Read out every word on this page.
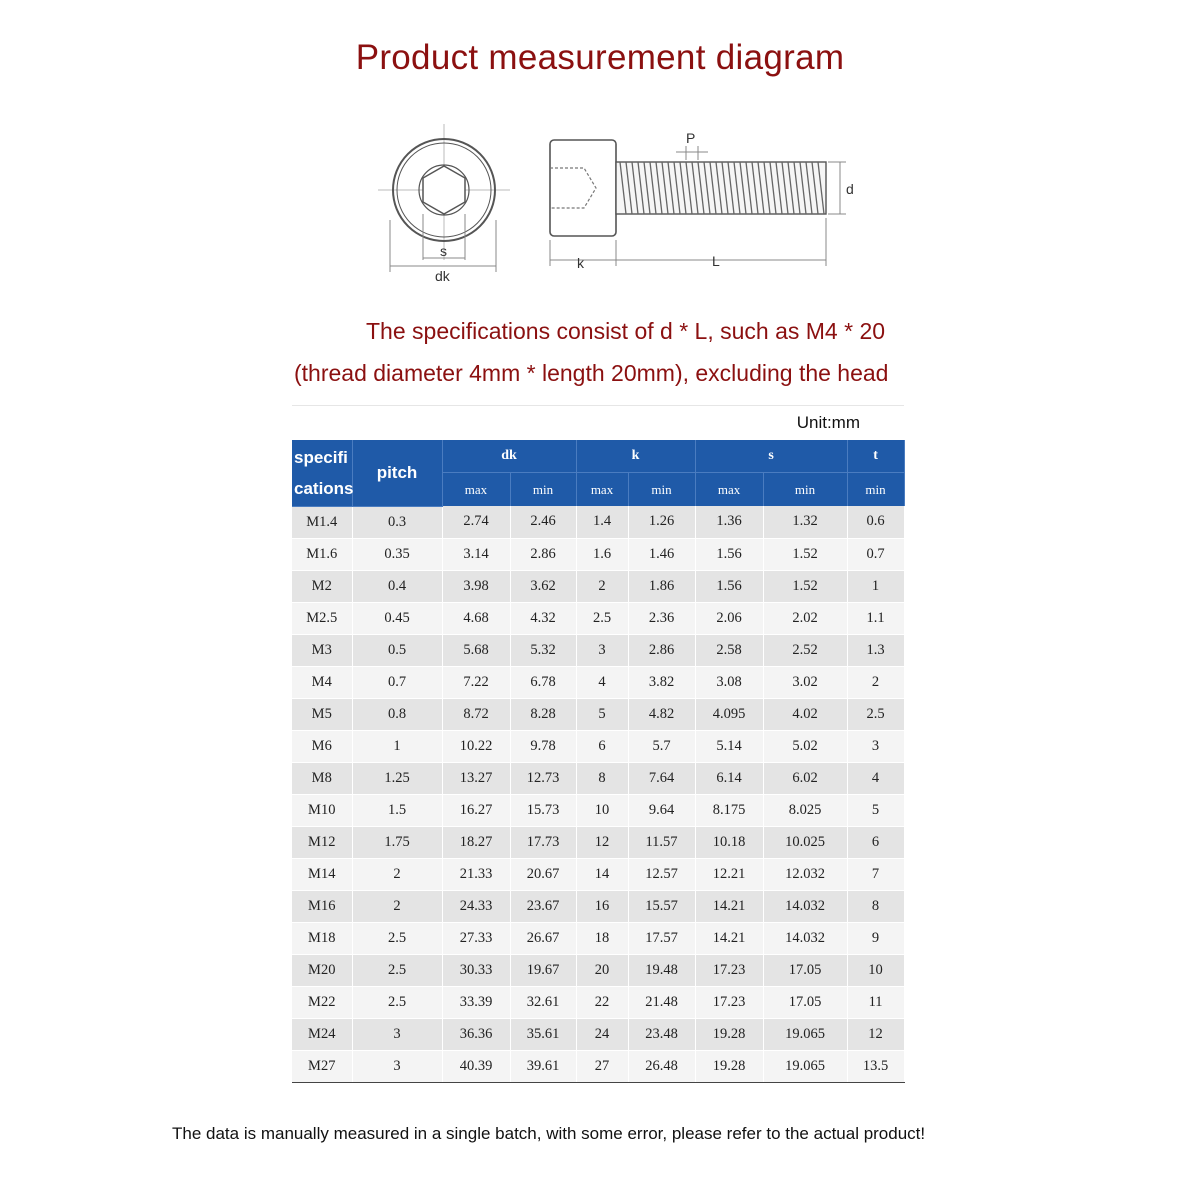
Product measurement diagram
s
dk
P
d
k	L
The specifications consist of d * L, such as M4 * 20
(thread diameter 4mm * length 20mm), excluding the head
Unit:mm
specifi
cations	pitch	dk		k		s		t
		max	min	max	min	max	min	min
M1.4	0.3	2.74	2.46	1.4	1.26	1.36	1.32	0.6
M1.6	0.35	3.14	2.86	1.6	1.46	1.56	1.52	0.7
M2	0.4	3.98	3.62	2	1.86	1.56	1.52	1
M2.5	0.45	4.68	4.32	2.5	2.36	2.06	2.02	1.1
M3	0.5	5.68	5.32	3	2.86	2.58	2.52	1.3
M4	0.7	7.22	6.78	4	3.82	3.08	3.02	2
M5	0.8	8.72	8.28	5	4.82	4.095	4.02	2.5
M6	1	10.22	9.78	6	5.7	5.14	5.02	3
M8	1.25	13.27	12.73	8	7.64	6.14	6.02	4
M10	1.5	16.27	15.73	10	9.64	8.175	8.025	5
M12	1.75	18.27	17.73	12	11.57	10.18	10.025	6
M14	2	21.33	20.67	14	12.57	12.21	12.032	7
M16	2	24.33	23.67	16	15.57	14.21	14.032	8
M18	2.5	27.33	26.67	18	17.57	14.21	14.032	9
M20	2.5	30.33	19.67	20	19.48	17.23	17.05	10
M22	2.5	33.39	32.61	22	21.48	17.23	17.05	11
M24	3	36.36	35.61	24	23.48	19.28	19.065	12
M27	3	40.39	39.61	27	26.48	19.28	19.065	13.5
The data is manually measured in a single batch, with some error, please refer to the actual product!
